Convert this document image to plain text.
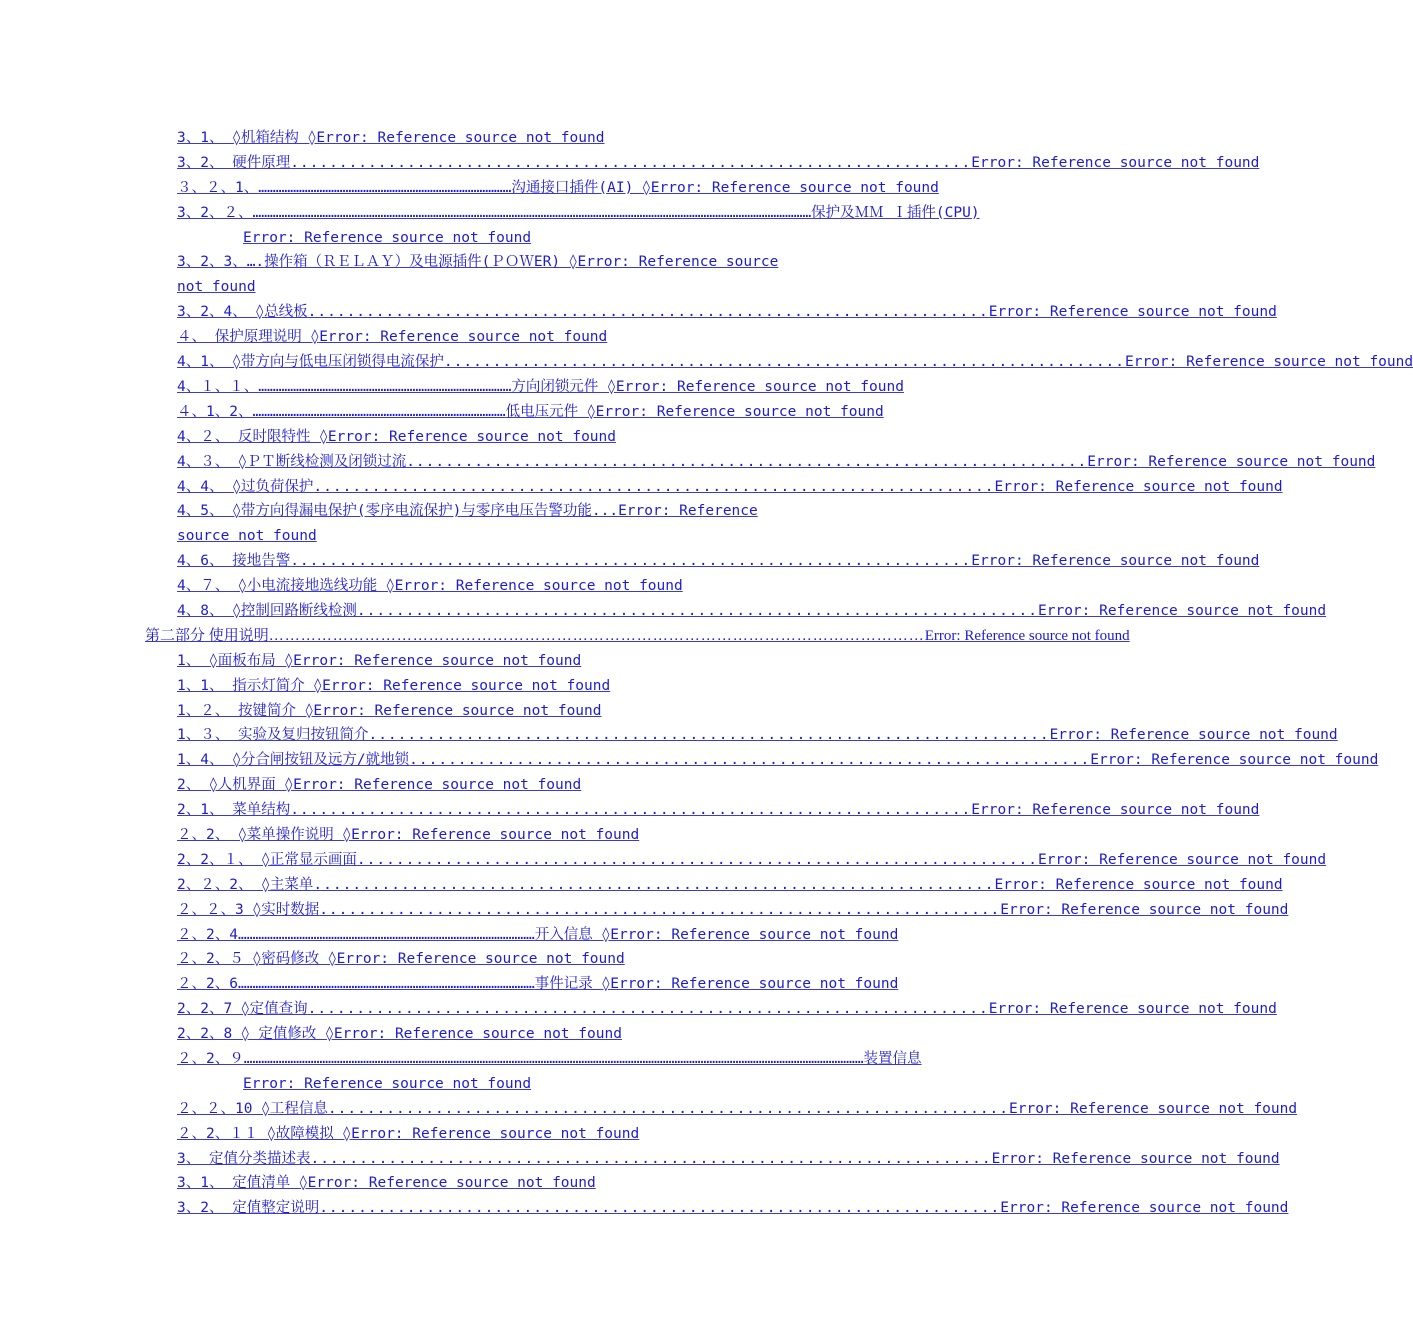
3、1、 ◊机箱结构 ◊Error: Reference source not found
3、2、 硬件原理 ...................................................................... Error: Reference source not found
３、２、1、 …………………………………………………………………………… 沟通接口插件(AI) ◊Error: Reference source not found
3、2、２、 ………………………………………………………………………………………………………………………………………………………………………… 保护及ＭＭ Ｉ插件(CPU)
Error: Reference source not found
3、2、3、….操作箱（ＲＥＬＡＹ）及电源插件(ＰＯＷER) ◊Error: Reference source not found
3、2、4、 ◊总线板 ...................................................................... Error: Reference source not found
４、 保护原理说明 ◊Error: Reference source not found
4、1、 ◊带方向与低电压闭锁得电流保护 ...................................................................... Error: Reference source not found
4、１、１、 …………………………………………………………………………… 方向闭锁元件 ◊Error: Reference source not found
４、1、2、 …………………………………………………………………………… 低电压元件 ◊Error: Reference source not found
4、２、 反时限特性 ◊Error: Reference source not found
4、３、 ◊ＰＴ断线检测及闭锁过流 ...................................................................... Error: Reference source not found
4、4、 ◊过负荷保护 ...................................................................... Error: Reference source not found
4、5、 ◊带方向得漏电保护(零序电流保护)与零序电压告警功能...Error: Reference source not found
4、6、 接地告警 ...................................................................... Error: Reference source not found
4、７、 ◊小电流接地选线功能 ◊Error: Reference source not found
4、8、 ◊控制回路断线检测 ...................................................................... Error: Reference source not found
第二部分 使用说明 …………………………………………………………………………………………………………… Error: Reference source not found
1、 ◊面板布局 ◊Error: Reference source not found
1、1、 指示灯简介 ◊Error: Reference source not found
1、２、 按键简介 ◊Error: Reference source not found
1、３、 实验及复归按钮简介 ...................................................................... Error: Reference source not found
1、4、 ◊分合闸按钮及远方/就地锁 ...................................................................... Error: Reference source not found
2、 ◊人机界面 ◊Error: Reference source not found
2、1、 菜单结构 ...................................................................... Error: Reference source not found
２、2、 ◊菜单操作说明 ◊Error: Reference source not found
2、2、１、 ◊正常显示画面 ...................................................................... Error: Reference source not found
2、２、2、 ◊主菜单 ...................................................................... Error: Reference source not found
２、２、3 ◊实时数据 ...................................................................... Error: Reference source not found
２、2、4 ………………………………………………………………………………………… 开入信息 ◊Error: Reference source not found
２、2、５ ◊密码修改 ◊Error: Reference source not found
２、2、6 ………………………………………………………………………………………… 事件记录 ◊Error: Reference source not found
2、2、7 ◊定值查询 ...................................................................... Error: Reference source not found
2、2、8 ◊ 定值修改 ◊Error: Reference source not found
２、2、９ …………………………………………………………………………………………………………………………………………………………………………………………… 装置信息
Error: Reference source not found
２、２、10 ◊工程信息 ...................................................................... Error: Reference source not found
２、2、１１ ◊故障模拟 ◊Error: Reference source not found
3、 定值分类描述表 ...................................................................... Error: Reference source not found
3、1、 定值清单 ◊Error: Reference source not found
3、2、 定值整定说明 ...................................................................... Error: Reference source not found
